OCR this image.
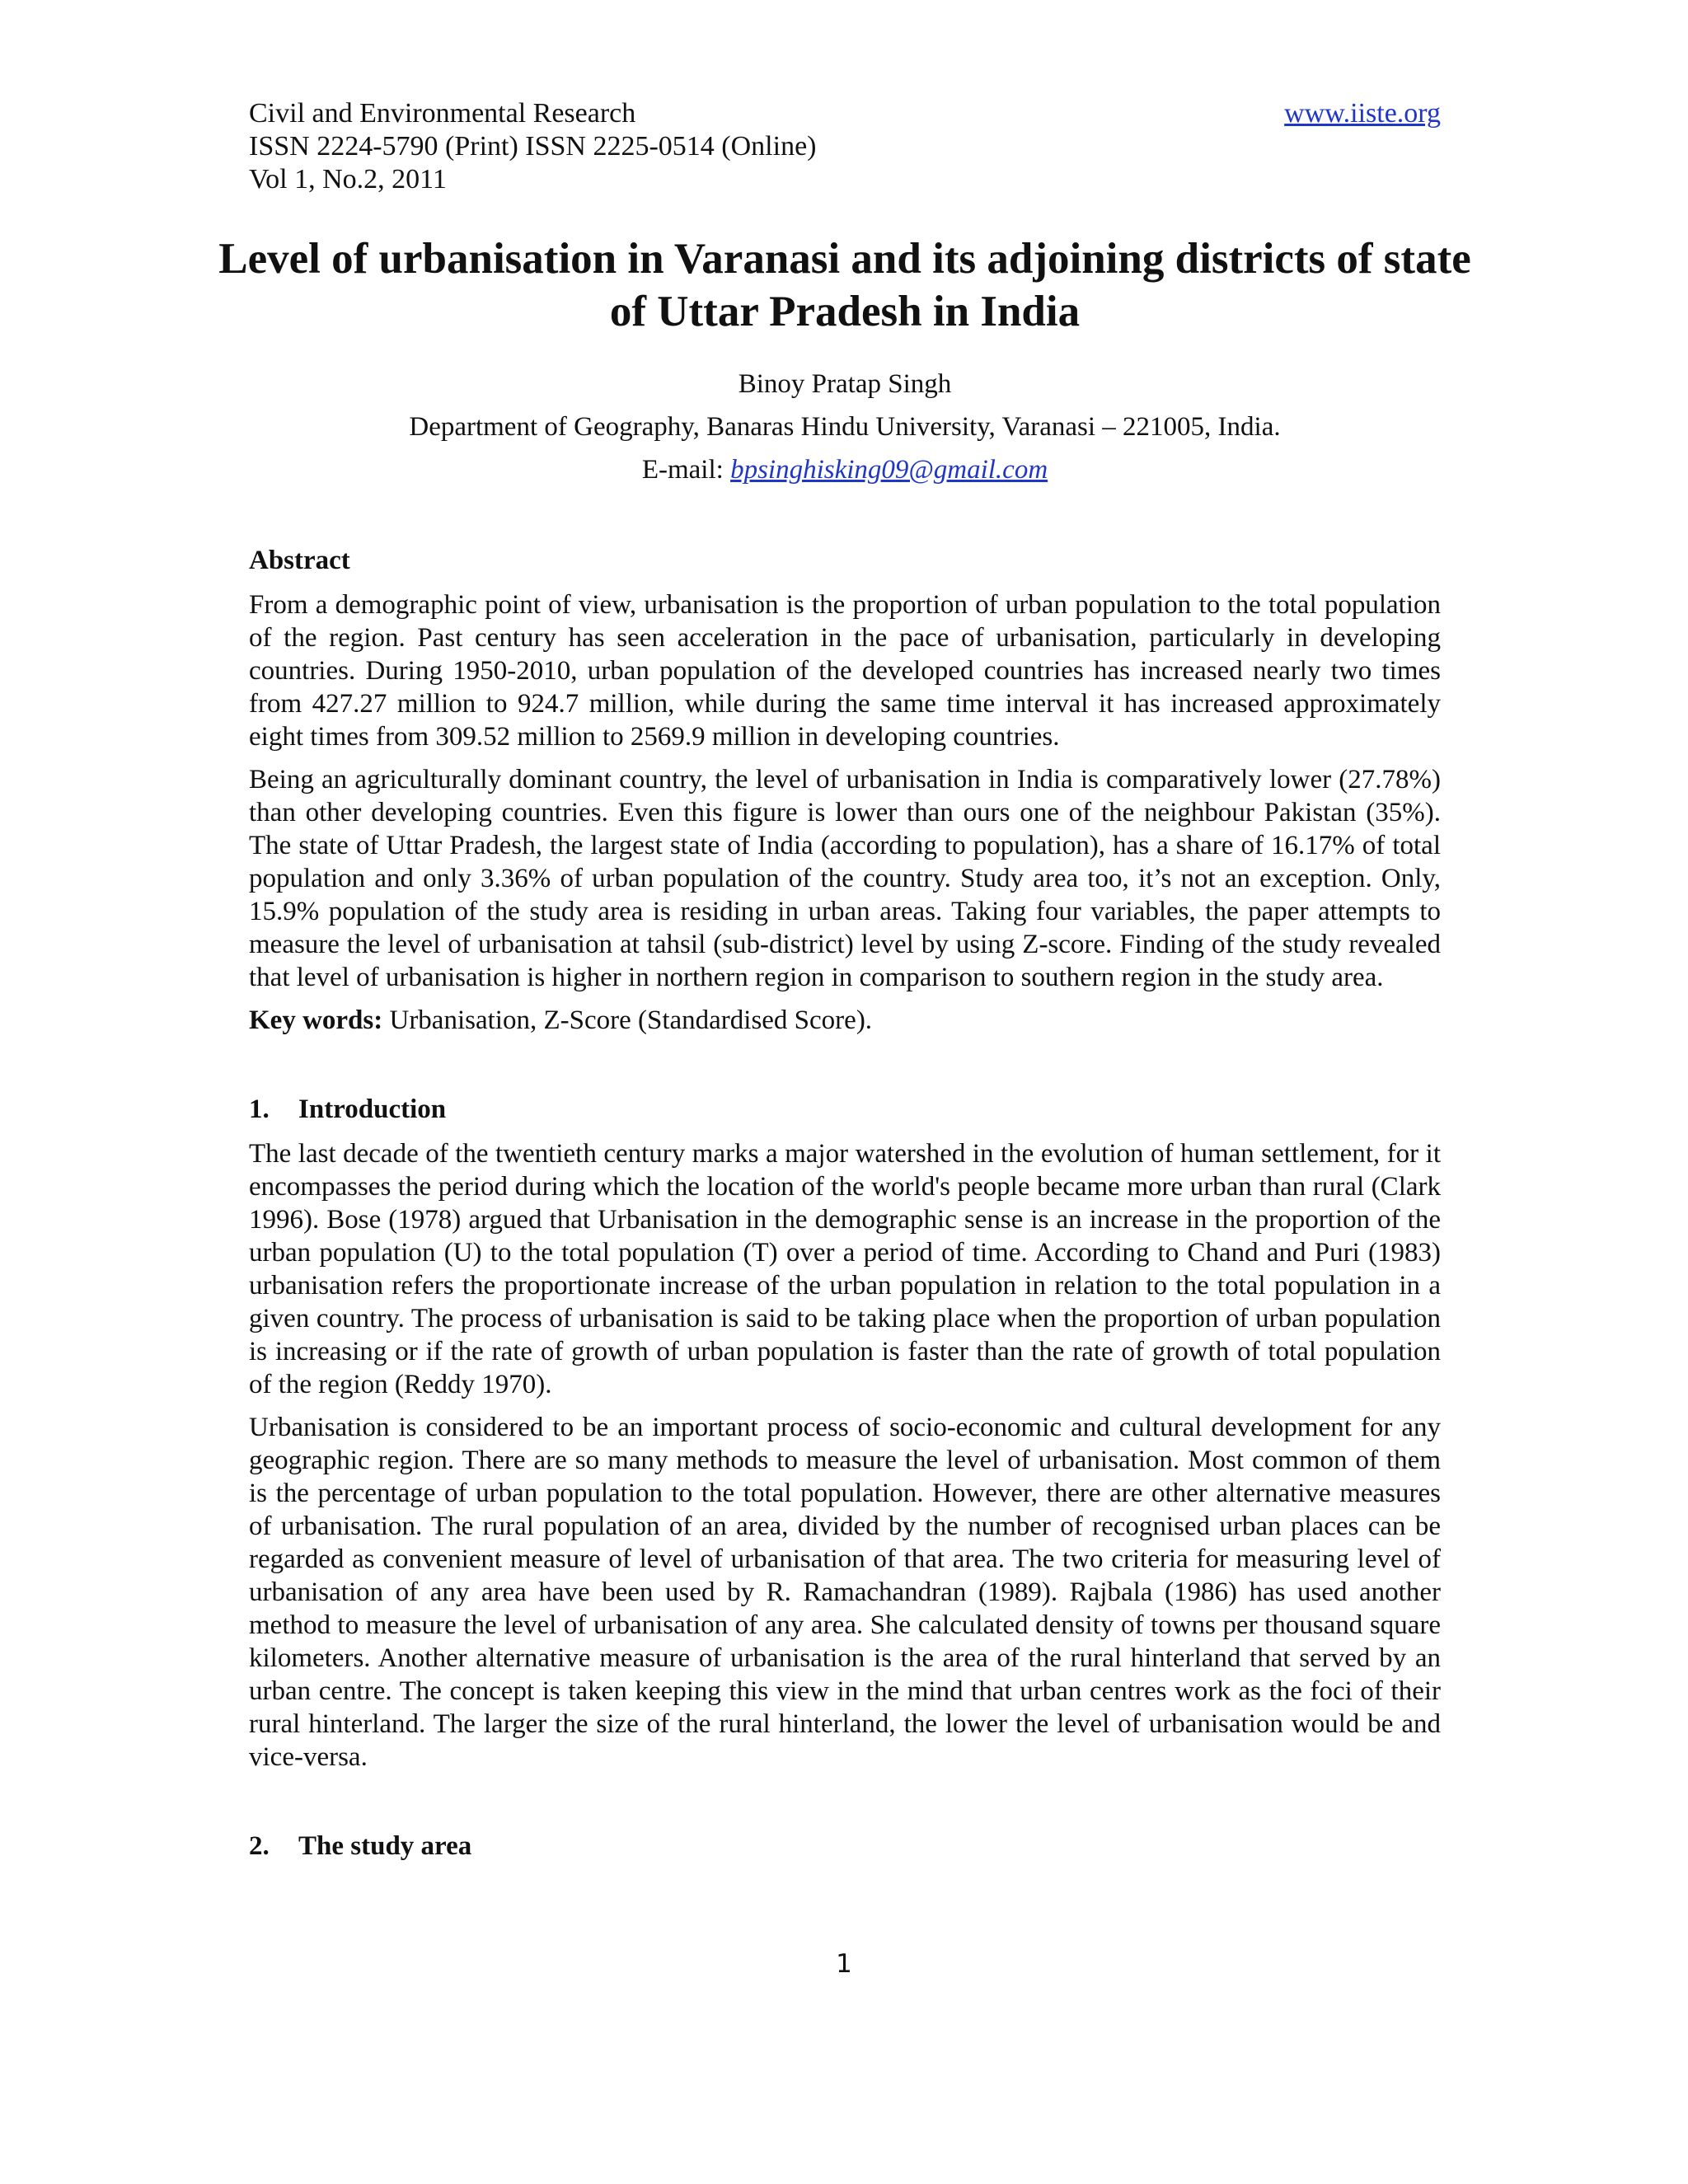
Civil and Environmental Research	www.iiste.org
ISSN 2224-5790 (Print) ISSN 2225-0514 (Online)
Vol 1, No.2, 2011
Level of urbanisation in Varanasi and its adjoining districts of state of Uttar Pradesh in India
Binoy Pratap Singh
Department of Geography, Banaras Hindu University, Varanasi – 221005, India.
E-mail: bpsinghisking09@gmail.com
Abstract

From a demographic point of view, urbanisation is the proportion of urban population to the total population of the region. Past century has seen acceleration in the pace of urbanisation, particularly in developing countries. During 1950-2010, urban population of the developed countries has increased nearly two times from 427.27 million to 924.7 million, while during the same time interval it has increased approximately eight times from 309.52 million to 2569.9 million in developing countries.

Being an agriculturally dominant country, the level of urbanisation in India is comparatively lower (27.78%) than other developing countries. Even this figure is lower than ours one of the neighbour Pakistan (35%). The state of Uttar Pradesh, the largest state of India (according to population), has a share of 16.17% of total population and only 3.36% of urban population of the country. Study area too, it’s not an exception. Only, 15.9% population of the study area is residing in urban areas. Taking four variables, the paper attempts to measure the level of urbanisation at tahsil (sub-district) level by using Z-score. Finding of the study revealed that level of urbanisation is higher in northern region in comparison to southern region in the study area.

Key words: Urbanisation, Z-Score (Standardised Score).
1.	Introduction

The last decade of the twentieth century marks a major watershed in the evolution of human settlement, for it encompasses the period during which the location of the world's people became more urban than rural (Clark 1996). Bose (1978) argued that Urbanisation in the demographic sense is an increase in the proportion of the urban population (U) to the total population (T) over a period of time. According to Chand and Puri (1983) urbanisation refers the proportionate increase of the urban population in relation to the total population in a given country. The process of urbanisation is said to be taking place when the proportion of urban population is increasing or if the rate of growth of urban population is faster than the rate of growth of total population of the region (Reddy 1970).

Urbanisation is considered to be an important process of socio-economic and cultural development for any geographic region. There are so many methods to measure the level of urbanisation. Most common of them is the percentage of urban population to the total population. However, there are other alternative measures of urbanisation. The rural population of an area, divided by the number of recognised urban places can be regarded as convenient measure of level of urbanisation of that area. The two criteria for measuring level of urbanisation of any area have been used by R. Ramachandran (1989). Rajbala (1986) has used another method to measure the level of urbanisation of any area. She calculated density of towns per thousand square kilometers. Another alternative measure of urbanisation is the area of the rural hinterland that served by an urban centre. The concept is taken keeping this view in the mind that urban centres work as the foci of their rural hinterland. The larger the size of the rural hinterland, the lower the level of urbanisation would be and vice-versa.

2.	The study area
1
